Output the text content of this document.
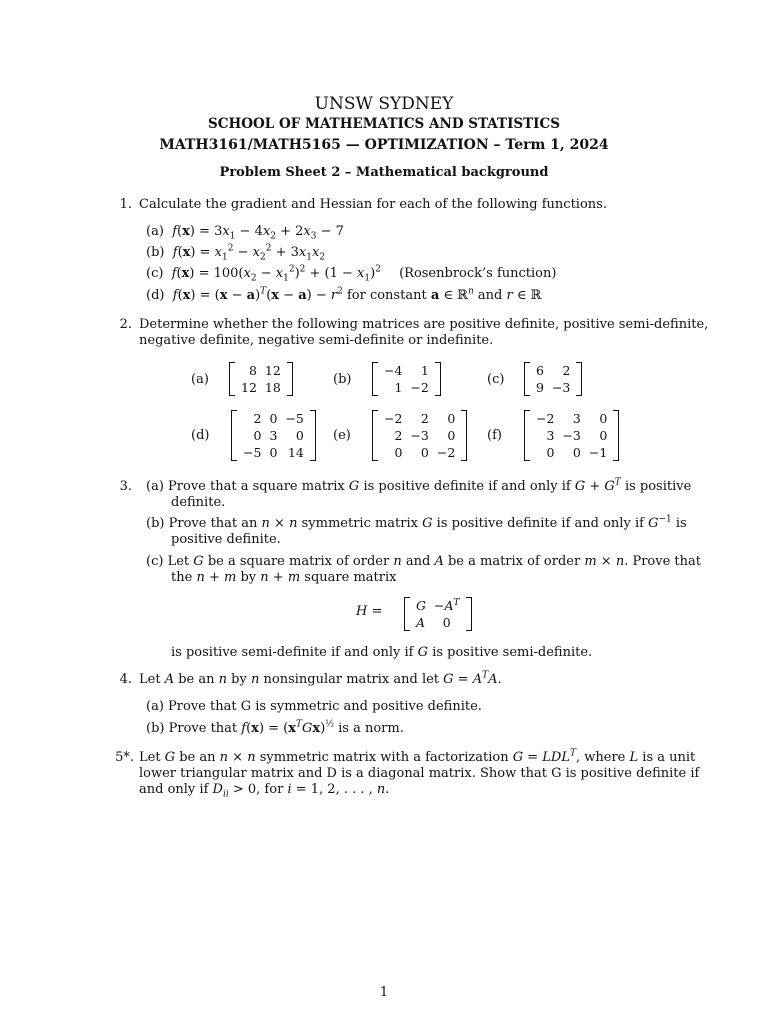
UNSW SYDNEY
SCHOOL OF MATHEMATICS AND STATISTICS
MATH3161/MATH5165 — OPTIMIZATION – Term 1, 2024
Problem Sheet 2 – Mathematical background
1. Calculate the gradient and Hessian for each of the following functions.
(a) $f(x) = 3x_1 - 4x_2 + 2x_3 - 7$
(b) $f(x) = x_1^2 - x_2^2 + 3x_1x_2$
(c) $f(x) = 100(x_2 - x_1^2)^2 + (1 - x_1)^2$ (Rosenbrock’s function)
(d) $f(x) = (x - a)^T(x - a) - r^2$ for constant a ∈ ℝ$^n$ and r ∈ ℝ
2. Determine whether the following matrices are positive definite, positive semi-definite,
negative definite, negative semi-definite or indefinite.
(a)	(b)	(c)
(d)	(e)	(f)
8	12
12	18
−4	1
1	−2
6	2
9	−3
2	0	−5
0	3	0
−5	0	14
−2	2	0
2	−3	0
0	0	−2
−2	3	0
3	−3	0
0	0	−1
3. (a) Prove that a square matrix G is positive definite if and only if $G + G^T$ is positive
definite.
(b) Prove that an n × n symmetric matrix G is positive definite if and only if $G^{-1}$ is
positive definite.
(c) Let G be a square matrix of order n and A be a matrix of order m × n. Prove that
the n + m by n + m square matrix
H =	G	$-A^T$
A	0
is positive semi-definite if and only if G is positive semi-definite.
4. Let A be an n by n nonsingular matrix and let $G = A^TA$.
(a) Prove that G is symmetric and positive definite.
(b) Prove that $f(x) = (x^TGx)^{\frac{1}{2}}$ is a norm.
5*. Let G be an n × n symmetric matrix with a factorization $G = LDL^T$, where L is a unit
lower triangular matrix and D is a diagonal matrix. Show that G is positive definite if
and only if $D_{ii} > 0$, for i = 1, 2, . . . , n.
1
